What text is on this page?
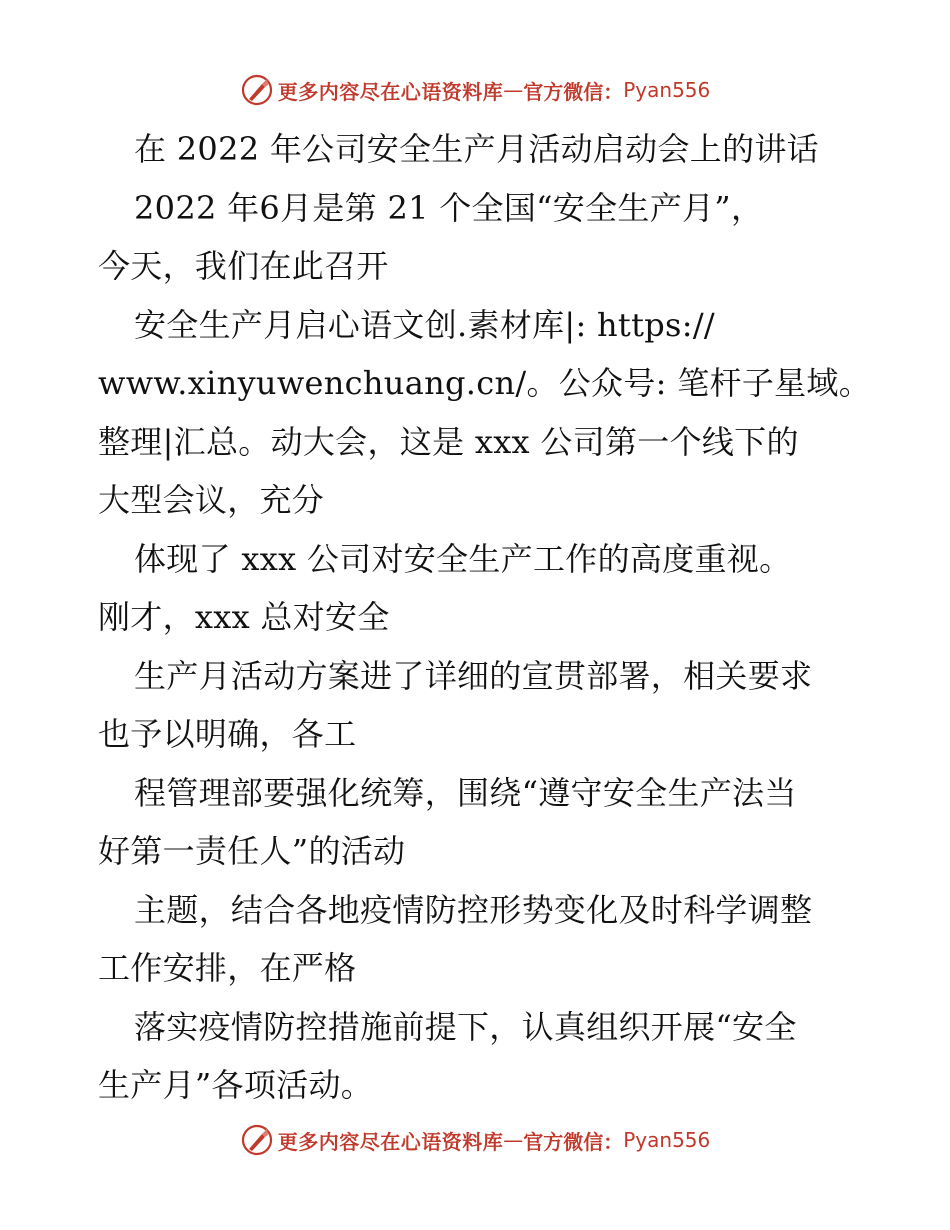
更多内容尽在心语资料库 — 官方微信： Pyan556
在 2022 年公司安全生产月活动启动会上的讲话
2022 年6月是第 21 个全国“安全生产月”，
今天，我们在此召开
安全生产月启心语文创.素材库|: https://
www.xinyuwenchuang.cn/。公众号: 笔杆子星域。
整理|汇总。动大会，这是 xxx 公司第一个线下的
大型会议，充分
体现了 xxx 公司对安全生产工作的高度重视。
刚才，xxx 总对安全
生产月活动方案进了详细的宣贯部署，相关要求
也予以明确，各工
程管理部要强化统筹，围绕“遵守安全生产法当
好第一责任人”的活动
主题，结合各地疫情防控形势变化及时科学调整
工作安排，在严格
落实疫情防控措施前提下，认真组织开展“安全
生产月”各项活动。
更多内容尽在心语资料库 — 官方微信： Pyan556
